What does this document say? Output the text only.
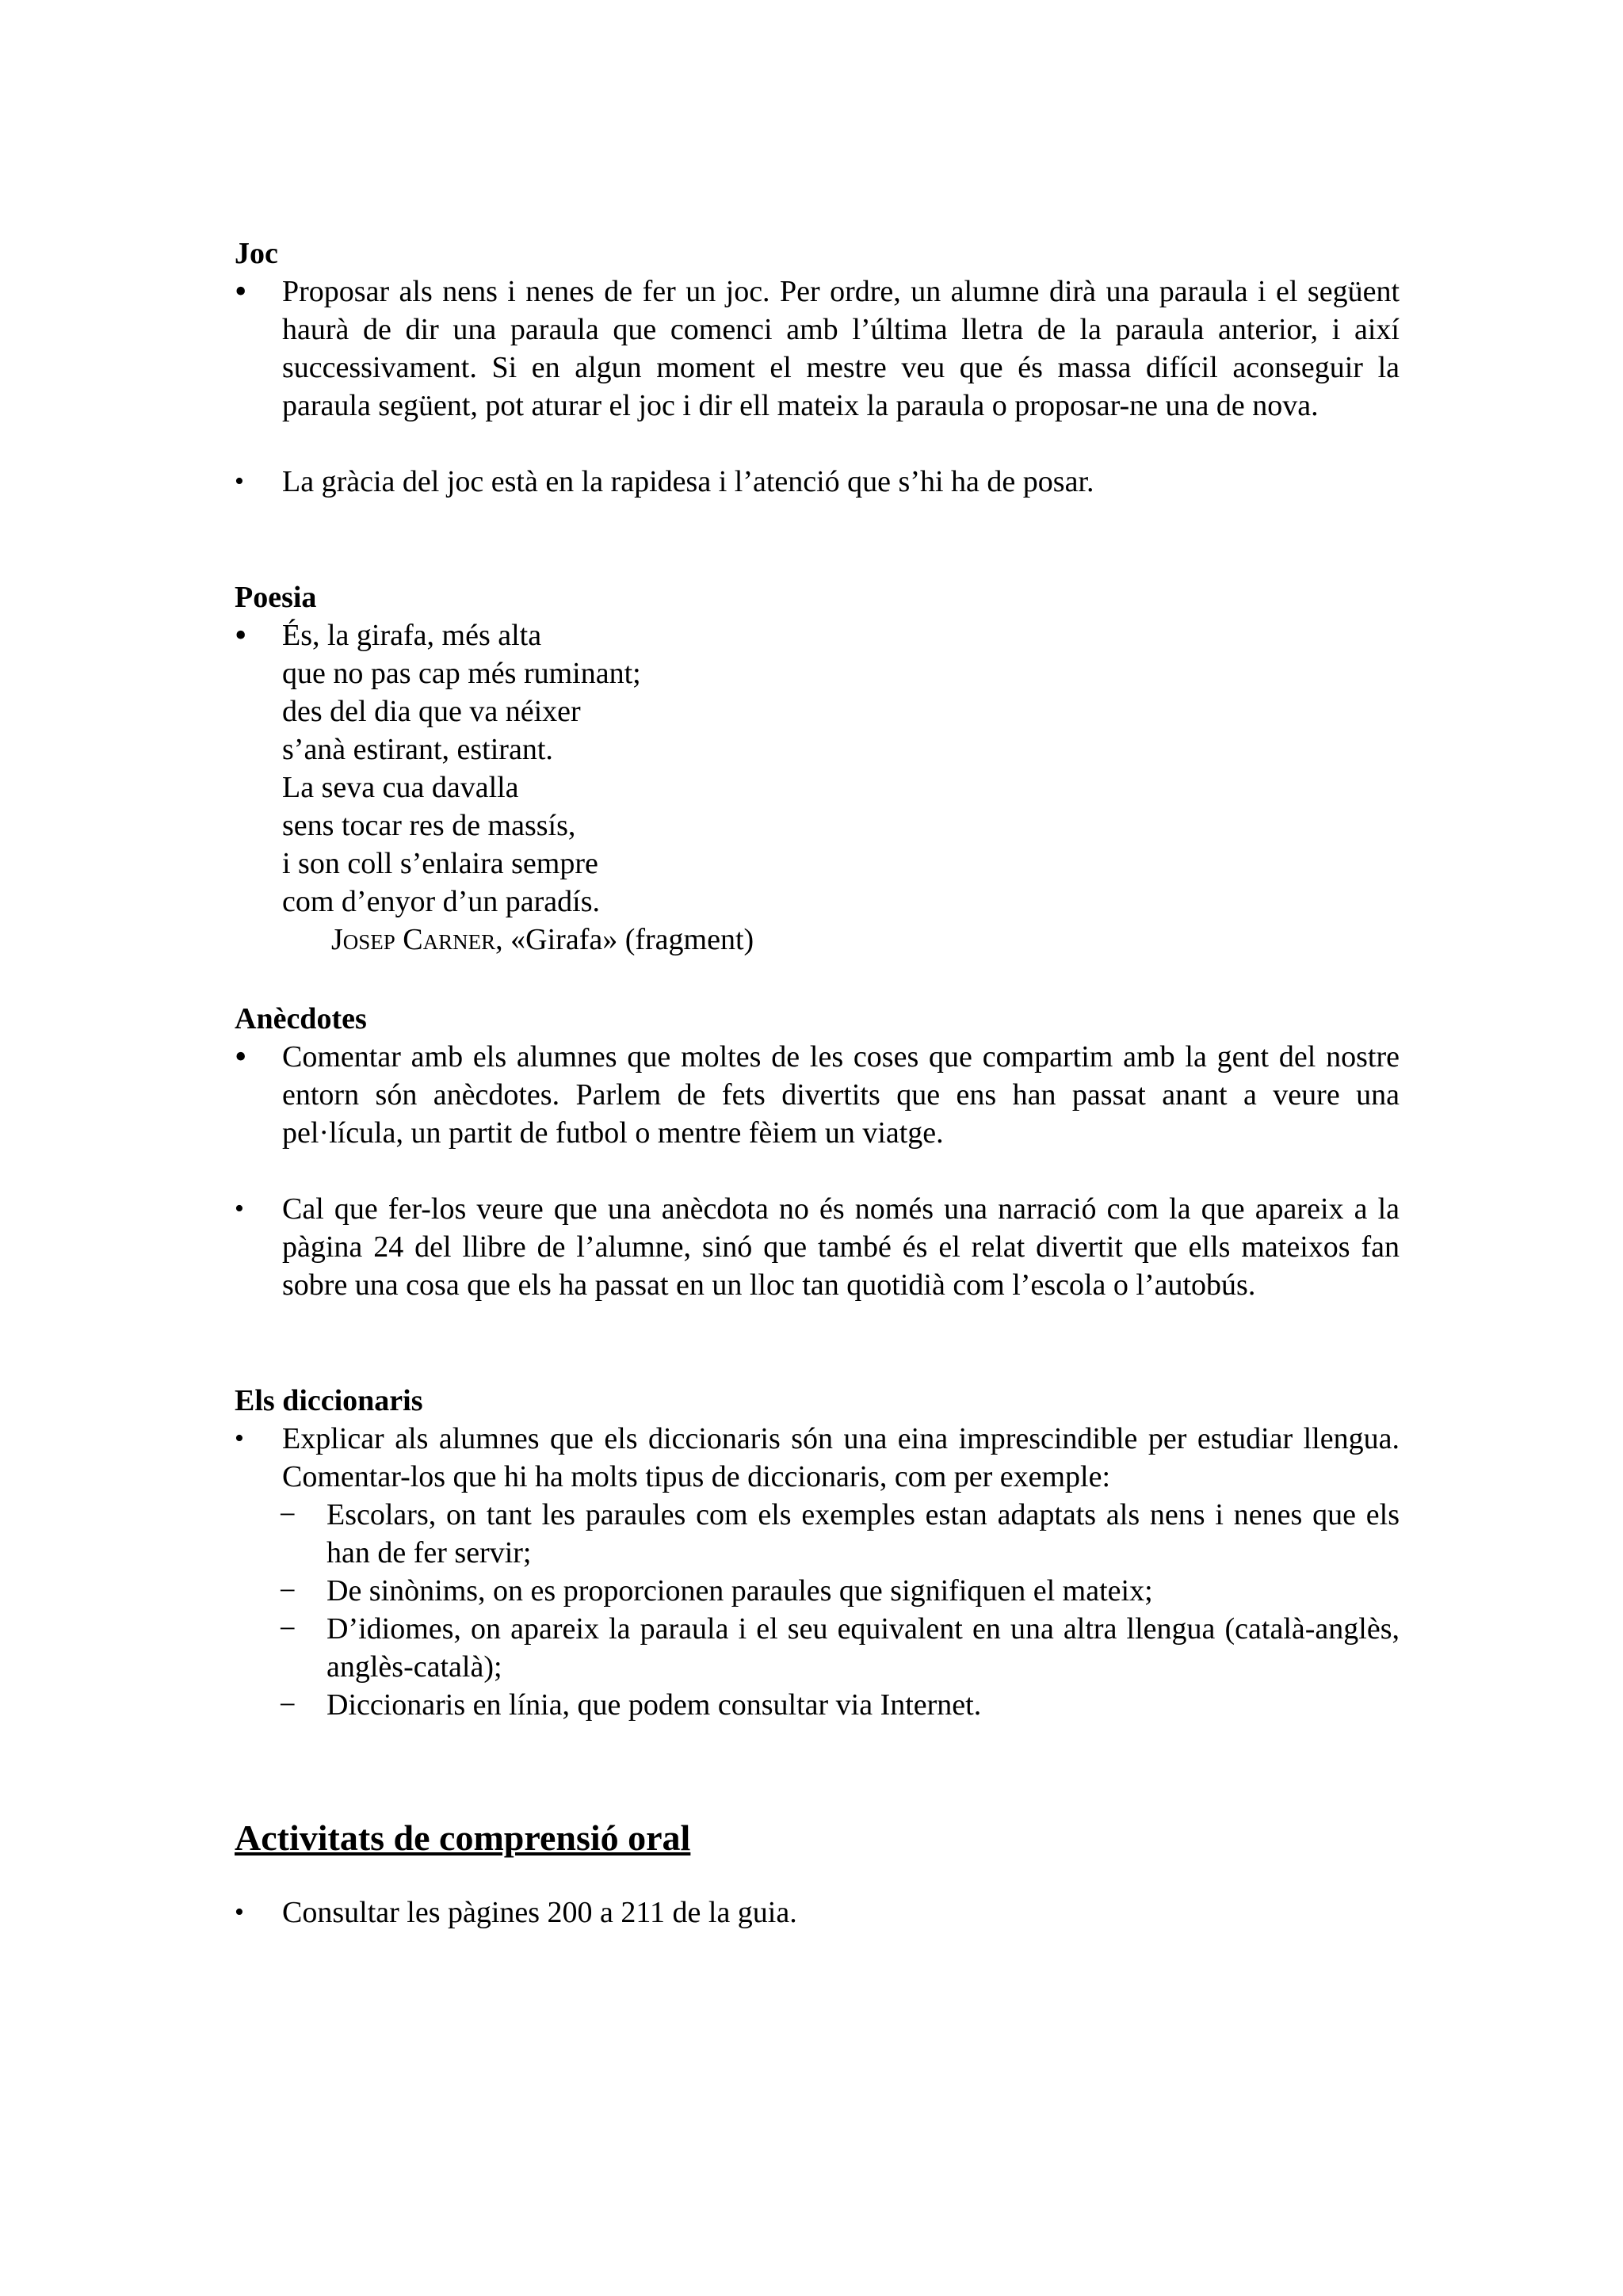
Joc
•	Proposar als nens i nenes de fer un joc. Per ordre, un alumne dirà una paraula i el següent haurà de dir una paraula que comenci amb l’última lletra de la paraula anterior, i així successivament. Si en algun moment el mestre veu que és massa difícil aconseguir la paraula següent, pot aturar el joc i dir ell mateix la paraula o proposar-ne una de nova.
•	La gràcia del joc està en la rapidesa i l’atenció que s’hi ha de posar.
Poesia
•	És, la girafa, més alta
que no pas cap més ruminant;
des del dia que va néixer
s’anà estirant, estirant.
La seva cua davalla
sens tocar res de massís,
i son coll s’enlaira sempre
com d’enyor d’un paradís.
Josep Carner, «Girafa» (fragment)
Anècdotes
•	Comentar amb els alumnes que moltes de les coses que compartim amb la gent del nostre entorn són anècdotes. Parlem de fets divertits que ens han passat anant a veure una pel·lícula, un partit de futbol o mentre fèiem un viatge.
•	Cal que fer-los veure que una anècdota no és només una narració com la que apareix a la pàgina 24 del llibre de l’alumne, sinó que també és el relat divertit que ells mateixos fan sobre una cosa que els ha passat en un lloc tan quotidià com l’escola o l’autobús.
Els diccionaris
•	Explicar als alumnes que els diccionaris són una eina imprescindible per estudiar llengua. Comentar-los que hi ha molts tipus de diccionaris, com per exemple:
− Escolars, on tant les paraules com els exemples estan adaptats als nens i nenes que els han de fer servir;
− De sinònims, on es proporcionen paraules que signifiquen el mateix;
− D’idiomes, on apareix la paraula i el seu equivalent en una altra llengua (català-anglès, anglès-català);
− Diccionaris en línia, que podem consultar via Internet.
Activitats de comprensió oral
•	Consultar les pàgines 200 a 211 de la guia.
